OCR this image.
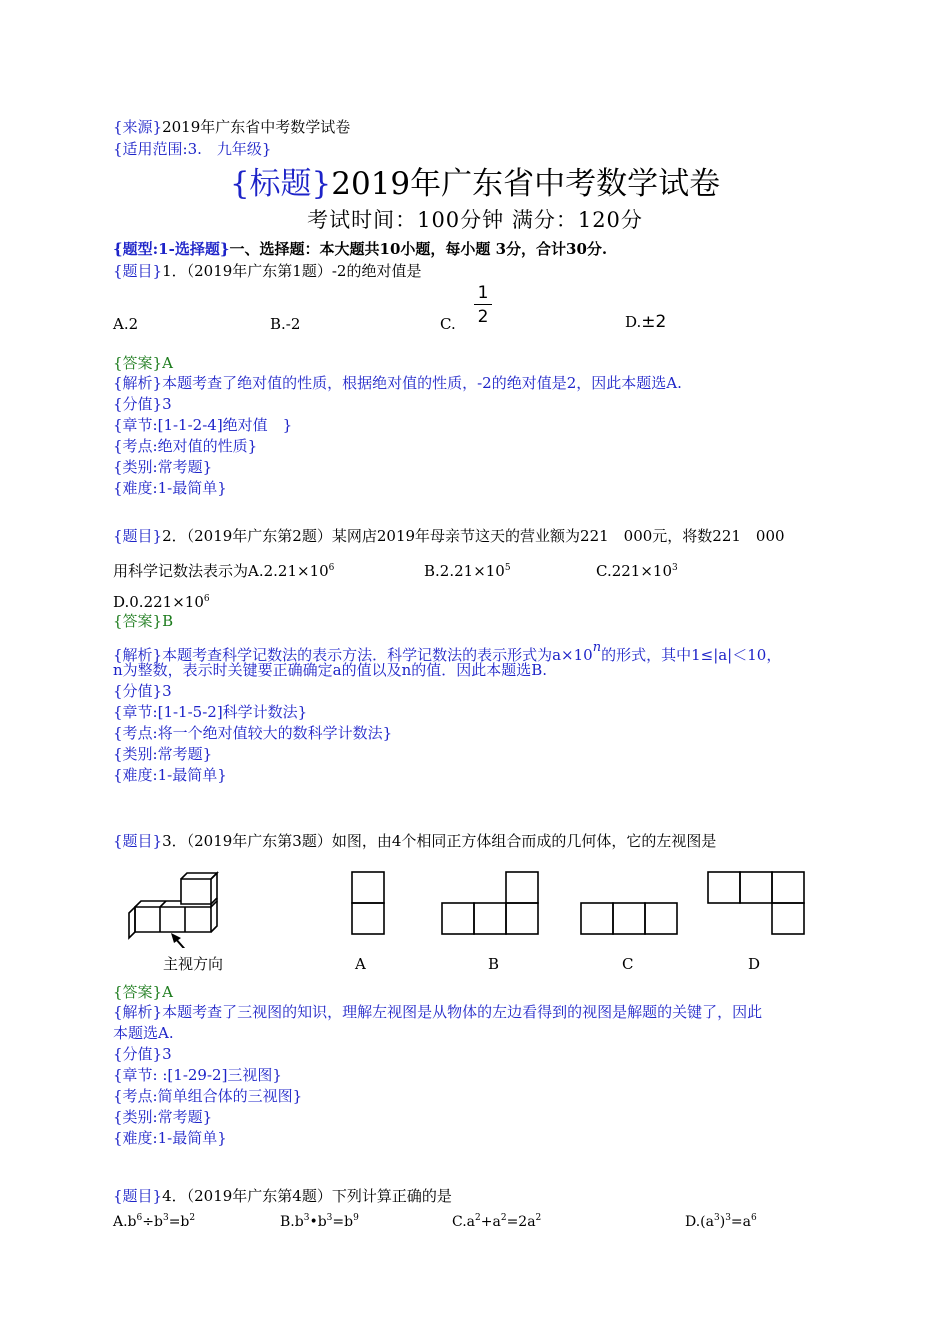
{来源}2019年广东省中考数学试卷
{适用范围:3.　九年级}
{标题}2019年广东省中考数学试卷
考试时间：100分钟 满分：120分
{题型:1-选择题}一、选择题：本大题共10小题，每小题 3分，合计30分.
{题目}1．（2019年广东第1题）-2的绝对值是
A.2	B.-2	C.
1
2	D.±2
{答案}A
{解析}本题考查了绝对值的性质，根据绝对值的性质，-2的绝对值是2，因此本题选A.
{分值}3
{章节:[1-1-2-4]绝对值　}
{考点:绝对值的性质}
{类别:常考题}
{难度:1-最简单}
{题目}2．（2019年广东第2题）某网店2019年母亲节这天的营业额为221　000元，将数221　000
用科学记数法表示为$A.2.21\times 10^6$	$B.2.21\times 10^5$	$C.221\times 10^3$
$D.0.221\times 10^6$
{答案}B
{解析}本题考查科学记数法的表示方法．科学记数法的表示形式为$a\times 10^n$的形式，其中1≤|a|＜10，
n为整数，表示时关键要正确确定a的值以及n的值．因此本题选B.
{分值}3
{章节:[1-1-5-2]科学计数法}
{考点:将一个绝对值较大的数科学计数法}
{类别:常考题}
{难度:1-最简单}
{题目}3．（2019年广东第3题）如图，由4个相同正方体组合而成的几何体，它的左视图是
主视方向	A	B	C	D
{答案}A
{解析}本题考查了三视图的知识，理解左视图是从物体的左边看得到的视图是解题的关键了，因此
本题选A.
{分值}3
{章节: :[1-29-2]三视图}
{考点:简单组合体的三视图}
{类别:常考题}
{难度:1-最简单}
{题目}4．（2019年广东第4题）下列计算正确的是
$A.b^6\div b^3=b^2$	$B.b^3•b^3=b^9$	$C.a^2+a^2=2a^2$	$D.(a^3)^3=a^6$
